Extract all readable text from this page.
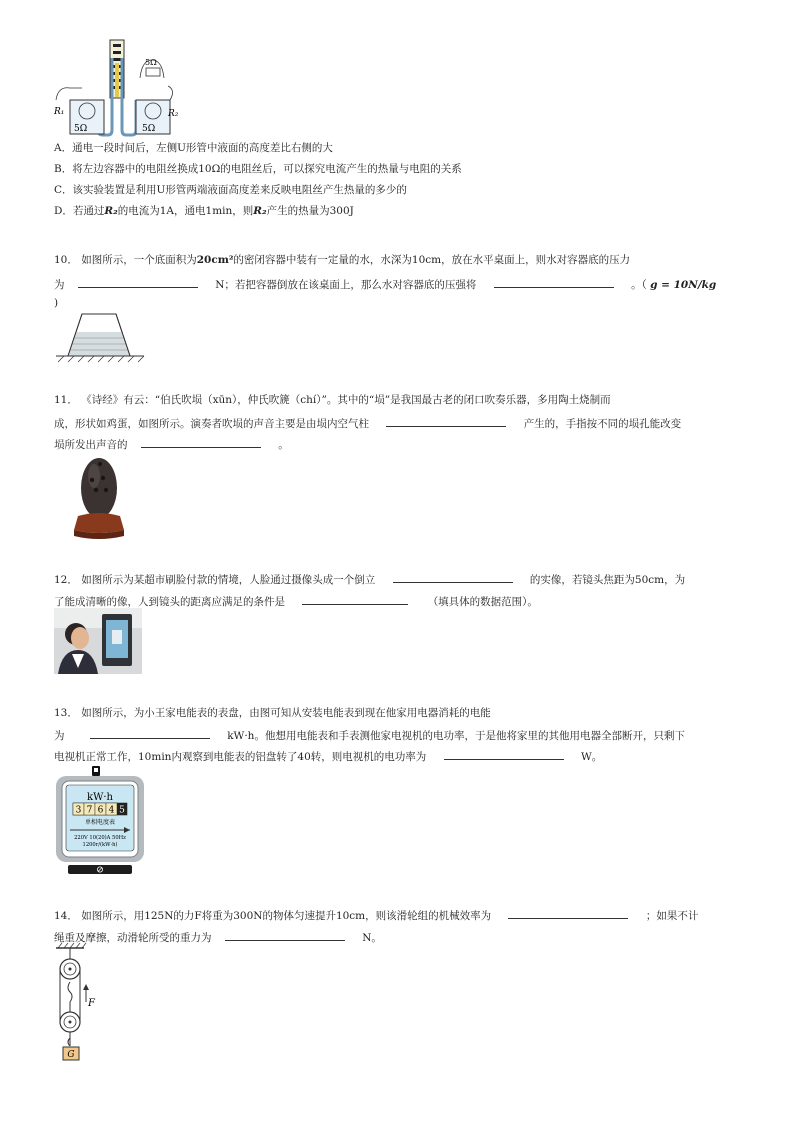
5Ω	5Ω
5Ω
R₁	R₂
A．通电一段时间后，左侧U形管中液面的高度差比右侧的大
B．将左边容器中的电阻丝换成10Ω的电阻丝后，可以探究电流产生的热量与电阻的关系
C．该实验装置是利用U形管两端液面高度差来反映电阻丝产生热量的多少的
D．若通过R₂的电流为1A，通电1min，则R₂产生的热量为300J
10． 如图所示，一个底面积为20cm²的密闭容器中装有一定量的水，水深为10cm，放在水平桌面上，则水对容器底的压力
为	N；若把容器倒放在该桌面上，那么水对容器底的压强将	。（ g = 10N/kg
)
11． 《诗经》有云：“伯氏吹埙（xūn），仲氏吹篪（chí）”。其中的“埙”是我国最古老的闭口吹奏乐器，多用陶土烧制而
成，形状如鸡蛋，如图所示。演奏者吹埙的声音主要是由埙内空气柱	产生的，手指按不同的埙孔能改变
埙所发出声音的	。
12． 如图所示为某超市刷脸付款的情境，人脸通过摄像头成一个倒立	的实像，若镜头焦距为50cm，为
了能成清晰的像，人到镜头的距离应满足的条件是	（填具体的数据范围）。
13． 如图所示，为小王家电能表的表盘，由图可知从安装电能表到现在他家用电器消耗的电能
为	kW·h。他想用电能表和手表测他家电视机的电功率，于是他将家里的其他用电器全部断开，只剩下
电视机正常工作，10min内观察到电能表的铝盘转了40转，则电视机的电功率为	W。
kW·h
3 7 6 4 5
单相电度表
220V 10(20)A 50Hz
1200r/(kW·h)
14． 如图所示，用125N的力F将重为300N的物体匀速提升10cm，则该滑轮组的机械效率为	；如果不计
绳重及摩擦，动滑轮所受的重力为	N。
F
G
